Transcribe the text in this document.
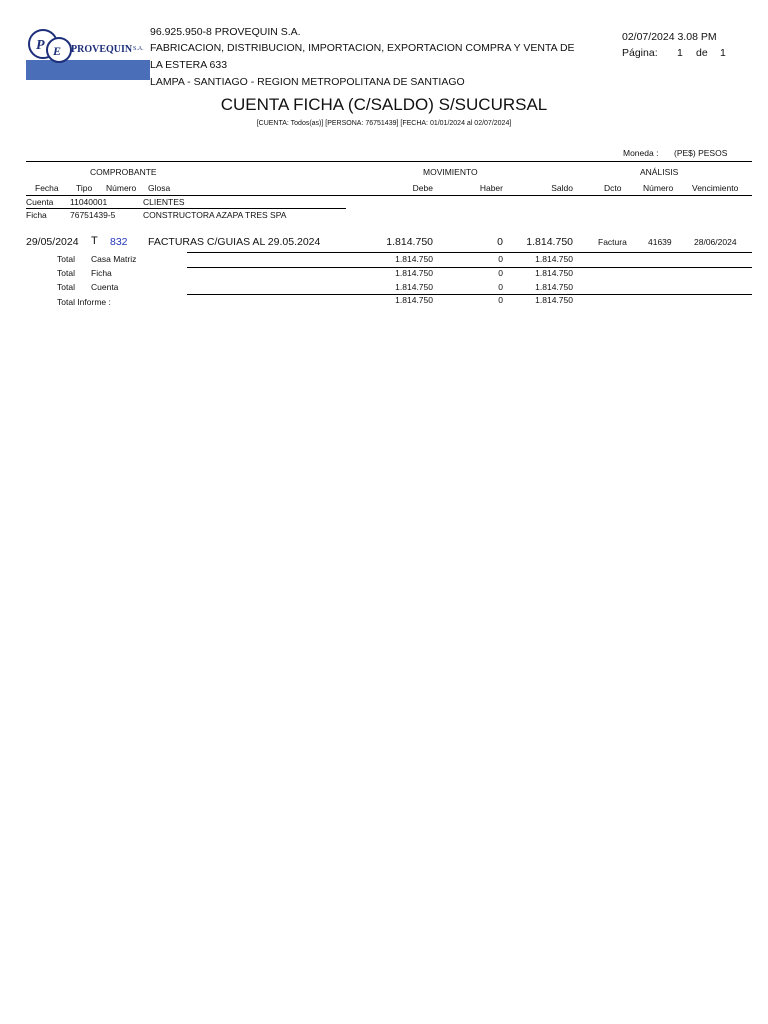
P E PROVEQUIN S.A.
96.925.950-8 PROVEQUIN S.A.
FABRICACION, DISTRIBUCION, IMPORTACION, EXPORTACION COMPRA Y VENTA DE
LA ESTERA 633
LAMPA - SANTIAGO - REGION METROPOLITANA DE SANTIAGO
02/07/2024 3.08 PM
Página: 1 de 1
CUENTA FICHA (C/SALDO) S/SUCURSAL
[CUENTA: Todos(as)] [PERSONA: 76751439] [FECHA: 01/01/2024 al 02/07/2024]
Moneda : (PE$) PESOS
COMPROBANTE	MOVIMIENTO	ANÁLISIS
Fecha Tipo Número Glosa	Debe	Haber	Saldo	Dcto	Número Vencimiento
Cuenta 11040001	CLIENTES
Ficha	76751439-5	CONSTRUCTORA AZAPA TRES SPA
29/05/2024 T 832 FACTURAS C/GUIAS AL 29.05.2024	1.814.750	0	1.814.750	Factura 41639	28/06/2024
Total Casa Matriz	1.814.750	0	1.814.750
Total Ficha	1.814.750	0	1.814.750
Total Cuenta	1.814.750	0	1.814.750
Total Informe :	1.814.750	0	1.814.750
